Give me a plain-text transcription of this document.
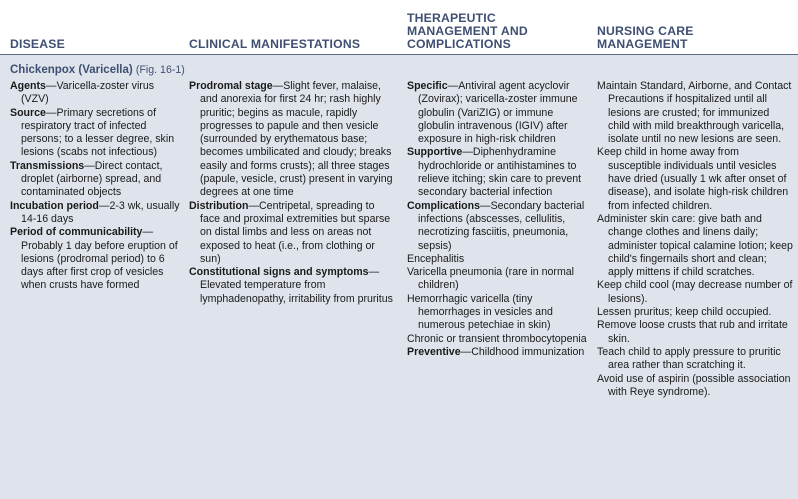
DISEASE	CLINICAL MANIFESTATIONS
THERAPEUTIC
MANAGEMENT AND
COMPLICATIONS
NURSING CARE
MANAGEMENT
Chickenpox (Varicella) (Fig. 16-1)

Agents—Varicella-zoster virus (VZV)

Source—Primary secretions of respiratory tract of infected persons; to a lesser degree, skin lesions (scabs not infectious)

Transmissions—Direct contact, droplet (airborne) spread, and contaminated objects

Incubation period—2-3 wk, usually 14-16 days

Period of communicability—Probably 1 day before eruption of lesions (prodromal period) to 6 days after first crop of vesicles when crusts have formed

Prodromal stage—Slight fever, malaise, and anorexia for first 24 hr; rash highly pruritic; begins as macule, rapidly progresses to papule and then vesicle (surrounded by erythematous base; becomes umbilicated and cloudy; breaks easily and forms crusts); all three stages (papule, vesicle, crust) present in varying degrees at one time

Distribution—Centripetal, spreading to face and proximal extremities but sparse on distal limbs and less on areas not exposed to heat (i.e., from clothing or sun)

Constitutional signs and symptoms—Elevated temperature from lymphadenopathy, irritability from pruritus

Specific—Antiviral agent acyclovir (Zovirax); varicella-zoster immune globulin (VariZIG) or immune globulin intravenous (IGIV) after exposure in high-risk children

Supportive—Diphenhydramine hydrochloride or antihistamines to relieve itching; skin care to prevent secondary bacterial infection

Complications—Secondary bacterial infections (abscesses, cellulitis, necrotizing fasciitis, pneumonia, sepsis)

Encephalitis

Varicella pneumonia (rare in normal children)

Hemorrhagic varicella (tiny hemorrhages in vesicles and numerous petechiae in skin)

Chronic or transient thrombocytopenia

Preventive—Childhood immunization

Maintain Standard, Airborne, and Contact Precautions if hospitalized until all lesions are crusted; for immunized child with mild breakthrough varicella, isolate until no new lesions are seen.

Keep child in home away from susceptible individuals until vesicles have dried (usually 1 wk after onset of disease), and isolate high-risk children from infected children.

Administer skin care: give bath and change clothes and linens daily; administer topical calamine lotion; keep child's fingernails short and clean; apply mittens if child scratches.

Keep child cool (may decrease number of lesions).

Lessen pruritus; keep child occupied.

Remove loose crusts that rub and irritate skin.

Teach child to apply pressure to pruritic area rather than scratching it.

Avoid use of aspirin (possible association with Reye syndrome).
